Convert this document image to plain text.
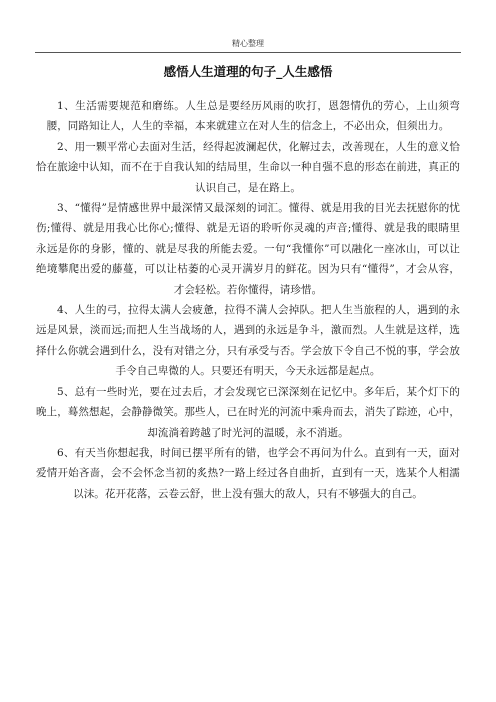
精心整理
感悟人生道理的句子_人生感悟

1、生活需要规范和磨练。人生总是要经历风雨的吹打，恩怨情仇的劳心，上山须弯腰，同路知让人，人生的幸福，本来就建立在对人生的信念上，不必出众，但须出力。

2、用一颗平常心去面对生活，经得起波澜起伏，化解过去，改善现在，人生的意义恰恰在旅途中认知，而不在于自我认知的结局里，生命以一种自强不息的形态在前进，真正的认识自己，是在路上。

3、“懂得”是情感世界中最深情又最深刻的词汇。懂得、就是用我的目光去抚慰你的忧伤;懂得、就是用我心比你心;懂得、就是无语的聆听你灵魂的声音;懂得、就是我的眼睛里永远是你的身影，懂的、就是尽我的所能去爱。一句“我懂你”可以融化一座冰山，可以让绝境攀爬出爱的藤蔓，可以让枯萎的心灵开满岁月的鲜花。因为只有“懂得”，才会从容，才会轻松。若你懂得，请珍惜。

4、人生的弓，拉得太满人会疲惫，拉得不满人会掉队。把人生当旅程的人，遇到的永远是风景，淡而远;而把人生当战场的人，遇到的永远是争斗，激而烈。人生就是这样，选择什么你就会遇到什么，没有对错之分，只有承受与否。学会放下令自己不悦的事，学会放手令自己卑微的人。只要还有明天，今天永远都是起点。

5、总有一些时光，要在过去后，才会发现它已深深刻在记忆中。多年后，某个灯下的晚上，蓦然想起，会静静微笑。那些人，已在时光的河流中乘舟而去，消失了踪迹，心中，却流淌着跨越了时光河的温暖，永不消逝。

6、有天当你想起我，时间已摆平所有的错，也学会不再问为什么。直到有一天，面对爱情开始吝啬，会不会怀念当初的炙热?一路上经过各自曲折，直到有一天，选某个人相濡以沫。花开花落，云卷云舒，世上没有强大的敌人，只有不够强大的自己。
